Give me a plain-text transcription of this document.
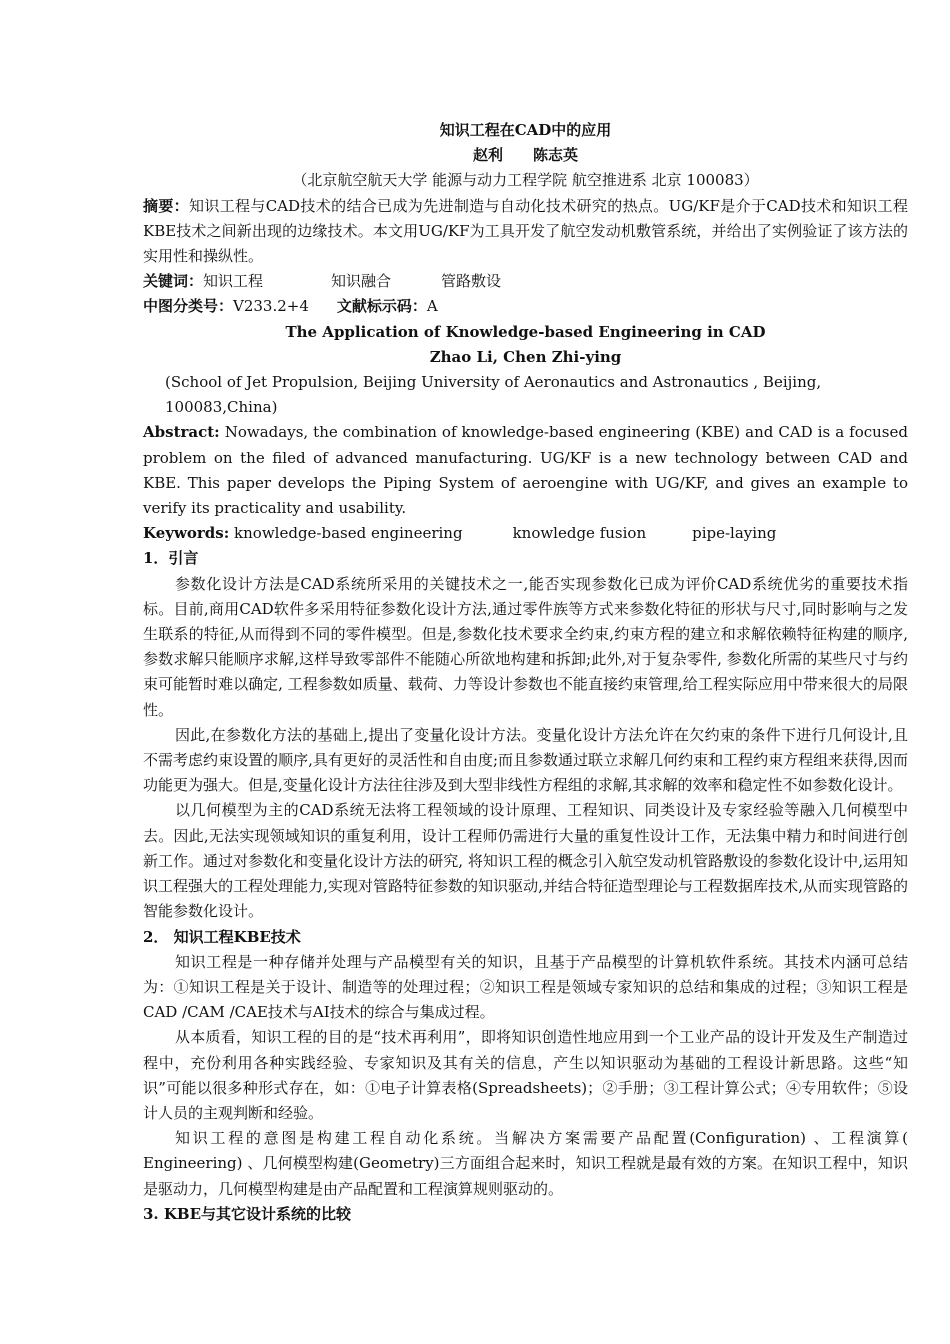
知识工程在CAD中的应用

赵利　　陈志英

（北京航空航天大学 能源与动力工程学院 航空推进系 北京 100083）

摘要：知识工程与CAD技术的结合已成为先进制造与自动化技术研究的热点。UG/KF是介于CAD技术和知识工程KBE技术之间新出现的边缘技术。本文用UG/KF为工具开发了航空发动机敷管系统，并给出了实例验证了该方法的实用性和操纵性。

关键词：知识工程	知识融合	管路敷设

中图分类号：V233.2+4 文献标示码：A

The Application of Knowledge-based Engineering in CAD

Zhao Li, Chen Zhi-ying

(School of Jet Propulsion, Beijing University of Aeronautics and Astronautics , Beijing, 100083,China)

Abstract: Nowadays, the combination of knowledge-based engineering (KBE) and CAD is a focused problem on the filed of advanced manufacturing. UG/KF is a new technology between CAD and KBE. This paper develops the Piping System of aeroengine with UG/KF, and gives an example to verify its practicality and usability.

Keywords: knowledge-based engineering	knowledge fusion	pipe-laying

1．引言

参数化设计方法是CAD系统所采用的关键技术之一,能否实现参数化已成为评价CAD系统优劣的重要技术指标。目前,商用CAD软件多采用特征参数化设计方法,通过零件族等方式来参数化特征的形状与尺寸,同时影响与之发生联系的特征,从而得到不同的零件模型。但是,参数化技术要求全约束,约束方程的建立和求解依赖特征构建的顺序,参数求解只能顺序求解,这样导致零部件不能随心所欲地构建和拆卸;此外,对于复杂零件, 参数化所需的某些尺寸与约束可能暂时难以确定, 工程参数如质量、载荷、力等设计参数也不能直接约束管理,给工程实际应用中带来很大的局限性。

因此,在参数化方法的基础上,提出了变量化设计方法。变量化设计方法允许在欠约束的条件下进行几何设计,且不需考虑约束设置的顺序,具有更好的灵活性和自由度;而且参数通过联立求解几何约束和工程约束方程组来获得,因而功能更为强大。但是,变量化设计方法往往涉及到大型非线性方程组的求解,其求解的效率和稳定性不如参数化设计。

以几何模型为主的CAD系统无法将工程领域的设计原理、工程知识、同类设计及专家经验等融入几何模型中去。因此,无法实现领域知识的重复利用，设计工程师仍需进行大量的重复性设计工作，无法集中精力和时间进行创新工作。通过对参数化和变量化设计方法的研究, 将知识工程的概念引入航空发动机管路敷设的参数化设计中,运用知识工程强大的工程处理能力,实现对管路特征参数的知识驱动,并结合特征造型理论与工程数据库技术,从而实现管路的智能参数化设计。

2． 知识工程KBE技术

知识工程是一种存储并处理与产品模型有关的知识，且基于产品模型的计算机软件系统。其技术内涵可总结为：①知识工程是关于设计、制造等的处理过程；②知识工程是领域专家知识的总结和集成的过程；③知识工程是CAD /CAM /CAE技术与AI技术的综合与集成过程。

从本质看，知识工程的目的是“技术再利用”，即将知识创造性地应用到一个工业产品的设计开发及生产制造过程中，充份利用各种实践经验、专家知识及其有关的信息，产生以知识驱动为基础的工程设计新思路。这些“知识”可能以很多种形式存在，如：①电子计算表格(Spreadsheets)；②手册；③工程计算公式；④专用软件；⑤设计人员的主观判断和经验。

知识工程的意图是构建工程自动化系统。当解决方案需要产品配置(Configuration) 、工程演算( Engineering) 、几何模型构建(Geometry)三方面组合起来时，知识工程就是最有效的方案。在知识工程中，知识是驱动力，几何模型构建是由产品配置和工程演算规则驱动的。

3. KBE与其它设计系统的比较
